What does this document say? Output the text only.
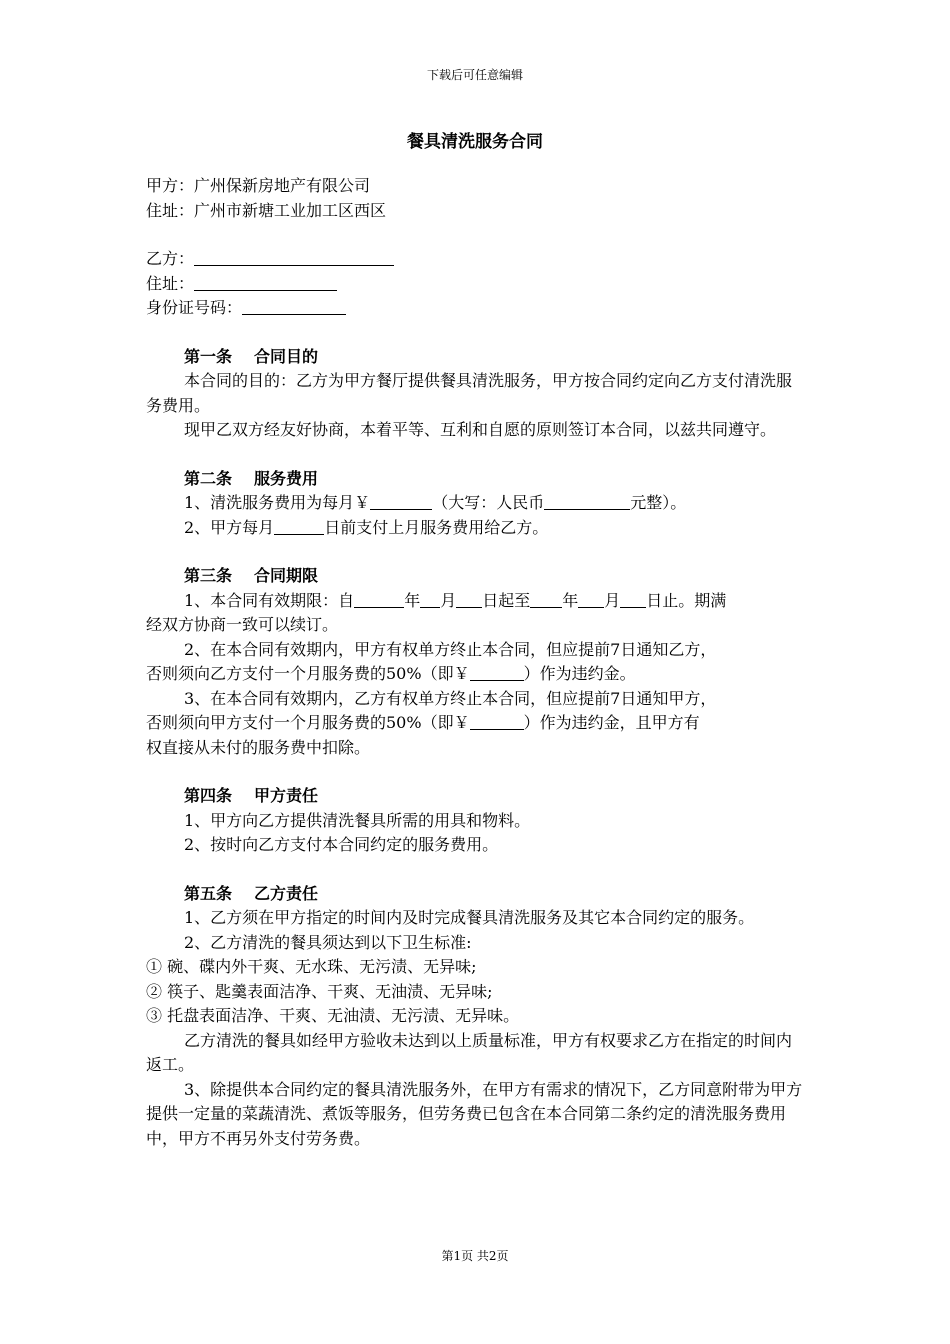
下载后可任意编辑
餐具清洗服务合同
甲方：广州保新房地产有限公司
住址：广州市新塘工业加工区西区
乙方：
住址：
身份证号码：
第一条 合同目的
本合同的目的：乙方为甲方餐厅提供餐具清洗服务，甲方按合同约定向乙方支付清洗服务费用。
现甲乙双方经友好协商，本着平等、互利和自愿的原则签订本合同，以兹共同遵守。
第二条 服务费用
1、清洗服务费用为每月￥	（大写：人民币	元整）。
2、甲方每月	日前支付上月服务费用给乙方。
第三条 合同期限
1、本合同有效期限：自	年 月 日起至 年 月 日止。期满
经双方协商一致可以续订。
2、在本合同有效期内，甲方有权单方终止本合同，但应提前7日通知乙方，
否则须向乙方支付一个月服务费的50%（即￥	）作为违约金。
3、在本合同有效期内，乙方有权单方终止本合同，但应提前7日通知甲方，
否则须向甲方支付一个月服务费的50%（即￥	）作为违约金，且甲方有
权直接从未付的服务费中扣除。
第四条 甲方责任
1、甲方向乙方提供清洗餐具所需的用具和物料。
2、按时向乙方支付本合同约定的服务费用。
第五条 乙方责任
1、乙方须在甲方指定的时间内及时完成餐具清洗服务及其它本合同约定的服务。
2、乙方清洗的餐具须达到以下卫生标准:
① 碗、碟内外干爽、无水珠、无污渍、无异味;
② 筷子、匙羹表面洁净、干爽、无油渍、无异味;
③ 托盘表面洁净、干爽、无油渍、无污渍、无异味。
乙方清洗的餐具如经甲方验收未达到以上质量标准，甲方有权要求乙方在指定的时间内返工。
3、除提供本合同约定的餐具清洗服务外，在甲方有需求的情况下，乙方同意附带为甲方提供一定量的菜蔬清洗、煮饭等服务，但劳务费已包含在本合同第二条约定的清洗服务费用中，甲方不再另外支付劳务费。
第1页 共2页
